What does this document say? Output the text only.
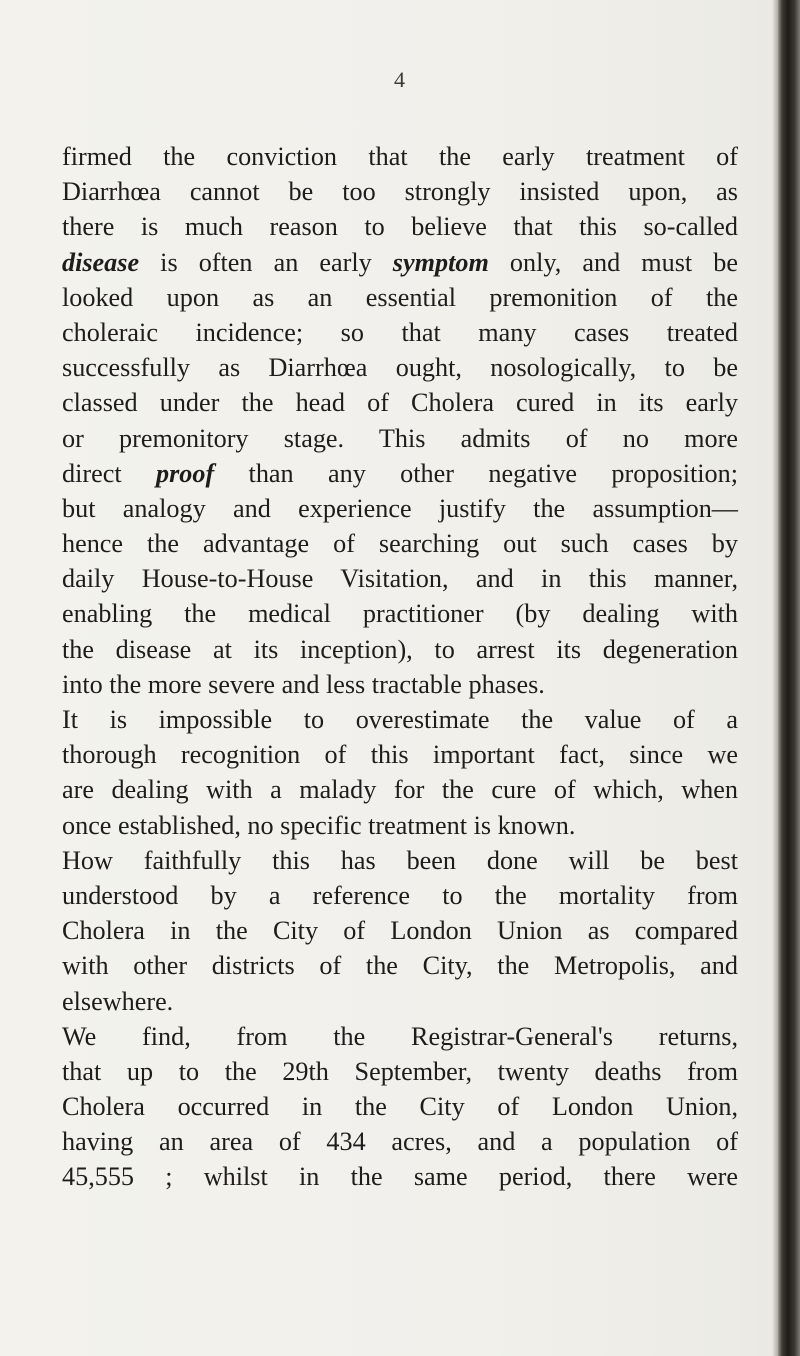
4
firmed the conviction that the early treatment of
Diarrhœa cannot be too strongly insisted upon, as
there is much reason to believe that this so-called
disease is often an early symptom only, and must be
looked upon as an essential premonition of the
choleraic incidence; so that many cases treated
successfully as Diarrhœa ought, nosologically, to be
classed under the head of Cholera cured in its early
or premonitory stage. This admits of no more
direct proof than any other negative proposition;
but analogy and experience justify the assumption—
hence the advantage of searching out such cases by
daily House-to-House Visitation, and in this manner,
enabling the medical practitioner (by dealing with
the disease at its inception), to arrest its degeneration
into the more severe and less tractable phases.
It is impossible to overestimate the value of a
thorough recognition of this important fact, since we
are dealing with a malady for the cure of which, when
once established, no specific treatment is known.
How faithfully this has been done will be best
understood by a reference to the mortality from
Cholera in the City of London Union as compared
with other districts of the City, the Metropolis, and
elsewhere.
We find, from the Registrar-General's returns,
that up to the 29th September, twenty deaths from
Cholera occurred in the City of London Union,
having an area of 434 acres, and a population of
45,555 ; whilst in the same period, there were
